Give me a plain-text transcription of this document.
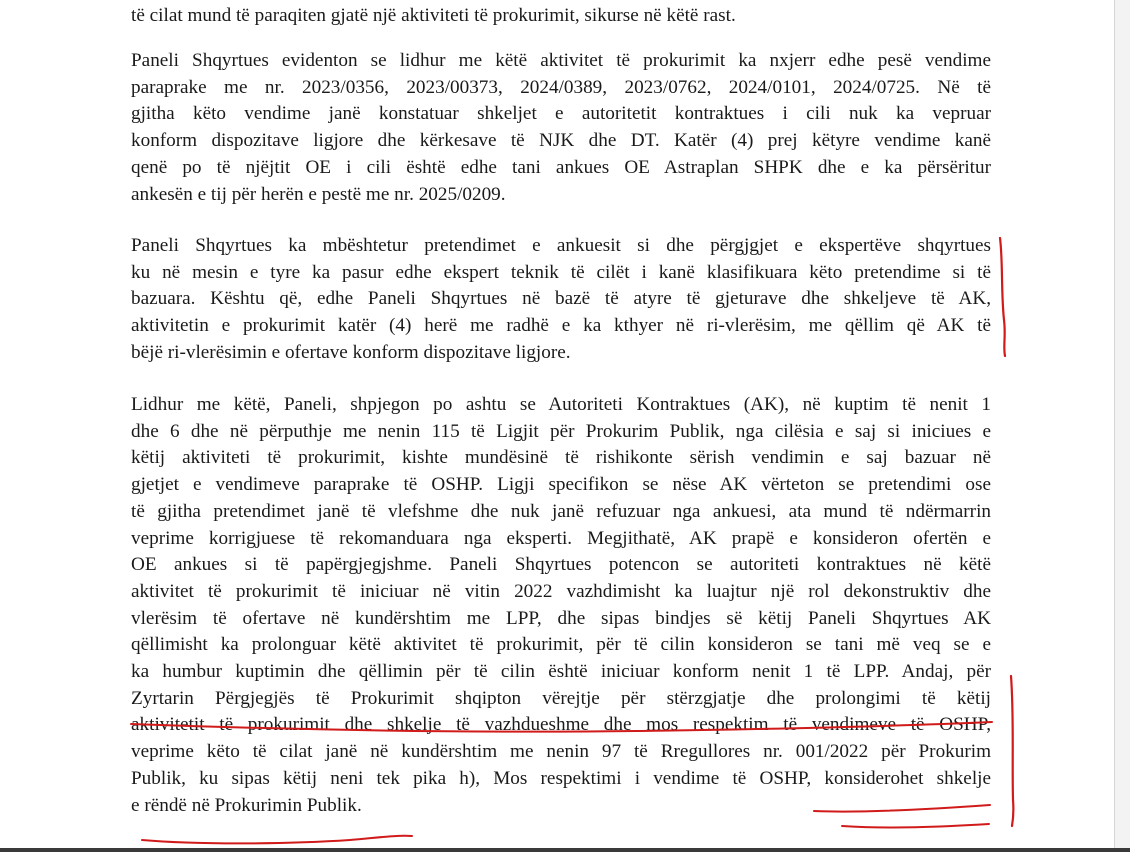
të cilat mund të paraqiten gjatë një aktiviteti të prokurimit, sikurse në këtë rast.

Paneli Shqyrtues evidenton se lidhur me këtë aktivitet të prokurimit ka nxjerr edhe pesë vendime
paraprake me nr. 2023/0356, 2023/00373, 2024/0389, 2023/0762, 2024/0101, 2024/0725. Në të
gjitha këto vendime janë konstatuar shkeljet e autoritetit kontraktues i cili nuk ka vepruar
konform dispozitave ligjore dhe kërkesave të NJK dhe DT. Katër (4) prej këtyre vendime kanë
qenë po të njëjtit OE i cili është edhe tani ankues OE Astraplan SHPK dhe e ka përsëritur
ankesën e tij për herën e pestë me nr. 2025/0209.

Paneli Shqyrtues ka mbështetur pretendimet e ankuesit si dhe përgjgjet e ekspertëve shqyrtues
ku në mesin e tyre ka pasur edhe ekspert teknik të cilët i kanë klasifikuara këto pretendime si të
bazuara. Kështu që, edhe Paneli Shqyrtues në bazë të atyre të gjeturave dhe shkeljeve të AK,
aktivitetin e prokurimit katër (4) herë me radhë e ka kthyer në ri-vlerësim, me qëllim që AK të
bëjë ri-vlerësimin e ofertave konform dispozitave ligjore.

Lidhur me këtë, Paneli, shpjegon po ashtu se Autoriteti Kontraktues (AK), në kuptim të nenit 1
dhe 6 dhe në përputhje me nenin 115 të Ligjit për Prokurim Publik, nga cilësia e saj si iniciues e
këtij aktiviteti të prokurimit, kishte mundësinë të rishikonte sërish vendimin e saj bazuar në
gjetjet e vendimeve paraprake të OSHP. Ligji specifikon se nëse AK vërteton se pretendimi ose
të gjitha pretendimet janë të vlefshme dhe nuk janë refuzuar nga ankuesi, ata mund të ndërmarrin
veprime korrigjuese të rekomanduara nga eksperti. Megjithatë, AK prapë e konsideron ofertën e
OE ankues si të papërgjegjshme. Paneli Shqyrtues potencon se autoriteti kontraktues në këtë
aktivitet të prokurimit të iniciuar në vitin 2022 vazhdimisht ka luajtur një rol dekonstruktiv dhe
vlerësim të ofertave në kundërshtim me LPP, dhe sipas bindjes së këtij Paneli Shqyrtues AK
qëllimisht ka prolonguar këtë aktivitet të prokurimit, për të cilin konsideron se tani më veq se e
ka humbur kuptimin dhe qëllimin për të cilin është iniciuar konform nenit 1 të LPP. Andaj, për
Zyrtarin Përgjegjës të Prokurimit shqipton vërejtje për stërzgjatje dhe prolongimi të këtij
aktivitetit të prokurimit dhe shkelje të vazhdueshme dhe mos respektim të vendimeve të OSHP,
veprime këto të cilat janë në kundërshtim me nenin 97 të Rregullores nr. 001/2022 për Prokurim
Publik, ku sipas këtij neni tek pika h), Mos respektimi i vendime të OSHP, konsiderohet shkelje
e rëndë në Prokurimin Publik.
